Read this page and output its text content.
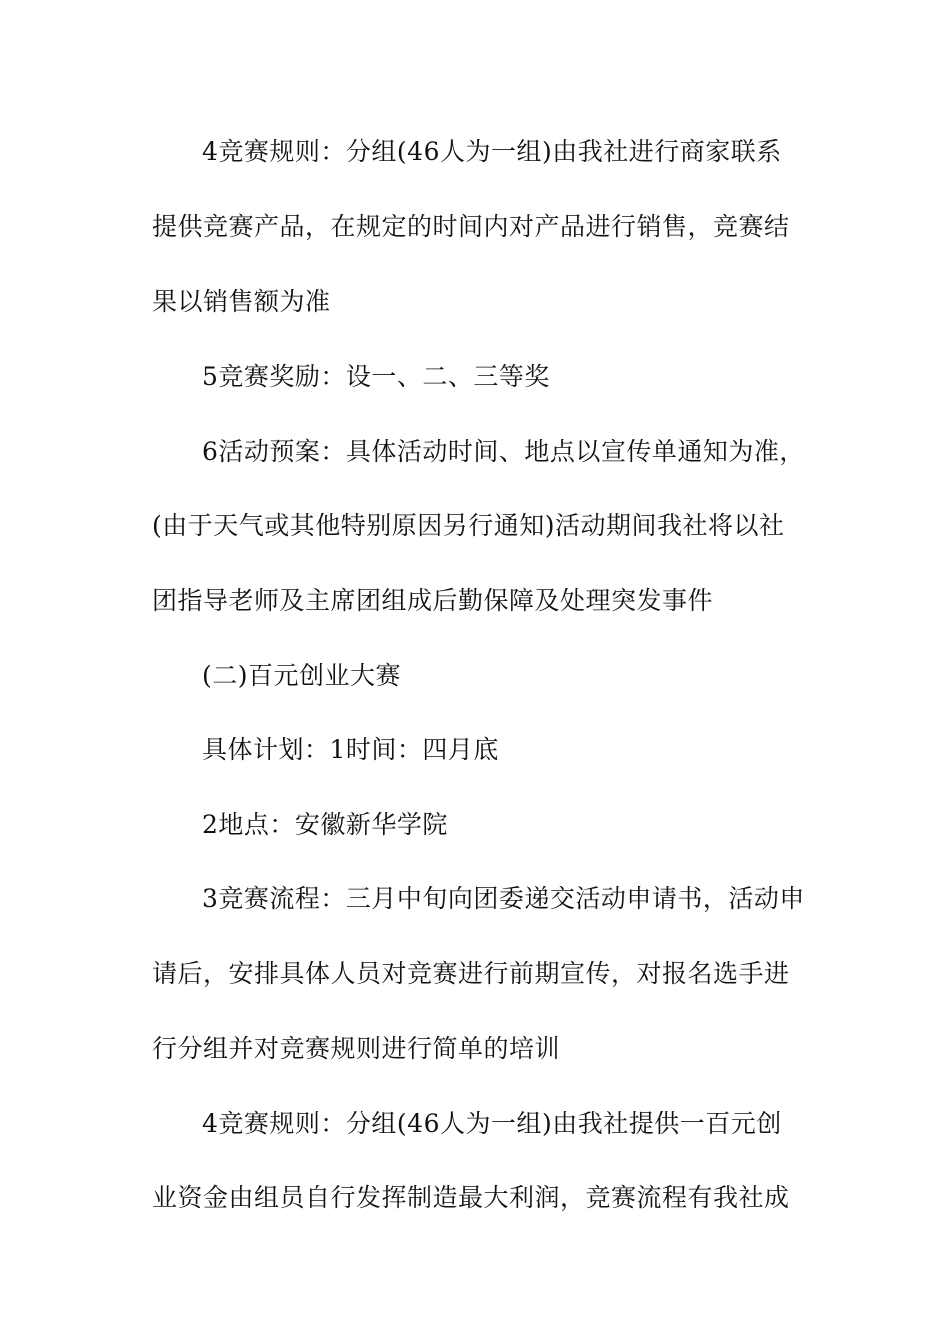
4竞赛规则：分组(46人为一组)由我社进行商家联系
提供竞赛产品，在规定的时间内对产品进行销售，竞赛结
果以销售额为准
5竞赛奖励：设一、二、三等奖
6活动预案：具体活动时间、地点以宣传单通知为准，
(由于天气或其他特别原因另行通知)活动期间我社将以社
团指导老师及主席团组成后勤保障及处理突发事件
(二)百元创业大赛
具体计划：1时间：四月底
2地点：安徽新华学院
3竞赛流程：三月中旬向团委递交活动申请书，活动申
请后，安排具体人员对竞赛进行前期宣传，对报名选手进
行分组并对竞赛规则进行简单的培训
4竞赛规则：分组(46人为一组)由我社提供一百元创
业资金由组员自行发挥制造最大利润，竞赛流程有我社成
